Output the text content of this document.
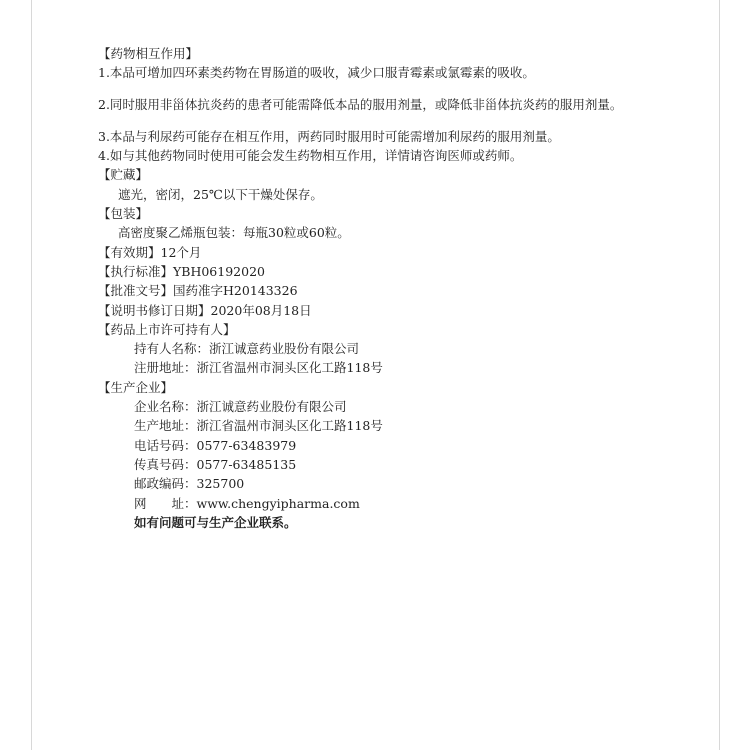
【药物相互作用】

1.本品可增加四环素类药物在胃肠道的吸收，减少口服青霉素或氯霉素的吸收。

2.同时服用非甾体抗炎药的患者可能需降低本品的服用剂量，或降低非甾体抗炎药的服用剂量。

3.本品与利尿药可能存在相互作用，两药同时服用时可能需增加利尿药的服用剂量。

4.如与其他药物同时使用可能会发生药物相互作用，详情请咨询医师或药师。

【贮藏】

遮光，密闭，25℃以下干燥处保存。

【包装】

高密度聚乙烯瓶包装：每瓶30粒或60粒。

【有效期】12个月

【执行标准】YBH06192020

【批准文号】国药准字H20143326

【说明书修订日期】2020年08月18日

【药品上市许可持有人】

持有人名称：浙江诚意药业股份有限公司

注册地址：浙江省温州市洞头区化工路118号

【生产企业】

企业名称：浙江诚意药业股份有限公司

生产地址：浙江省温州市洞头区化工路118号

电话号码：0577-63483979

传真号码：0577-63485135

邮政编码：325700

网　　址：www.chengyipharma.com

如有问题可与生产企业联系。
